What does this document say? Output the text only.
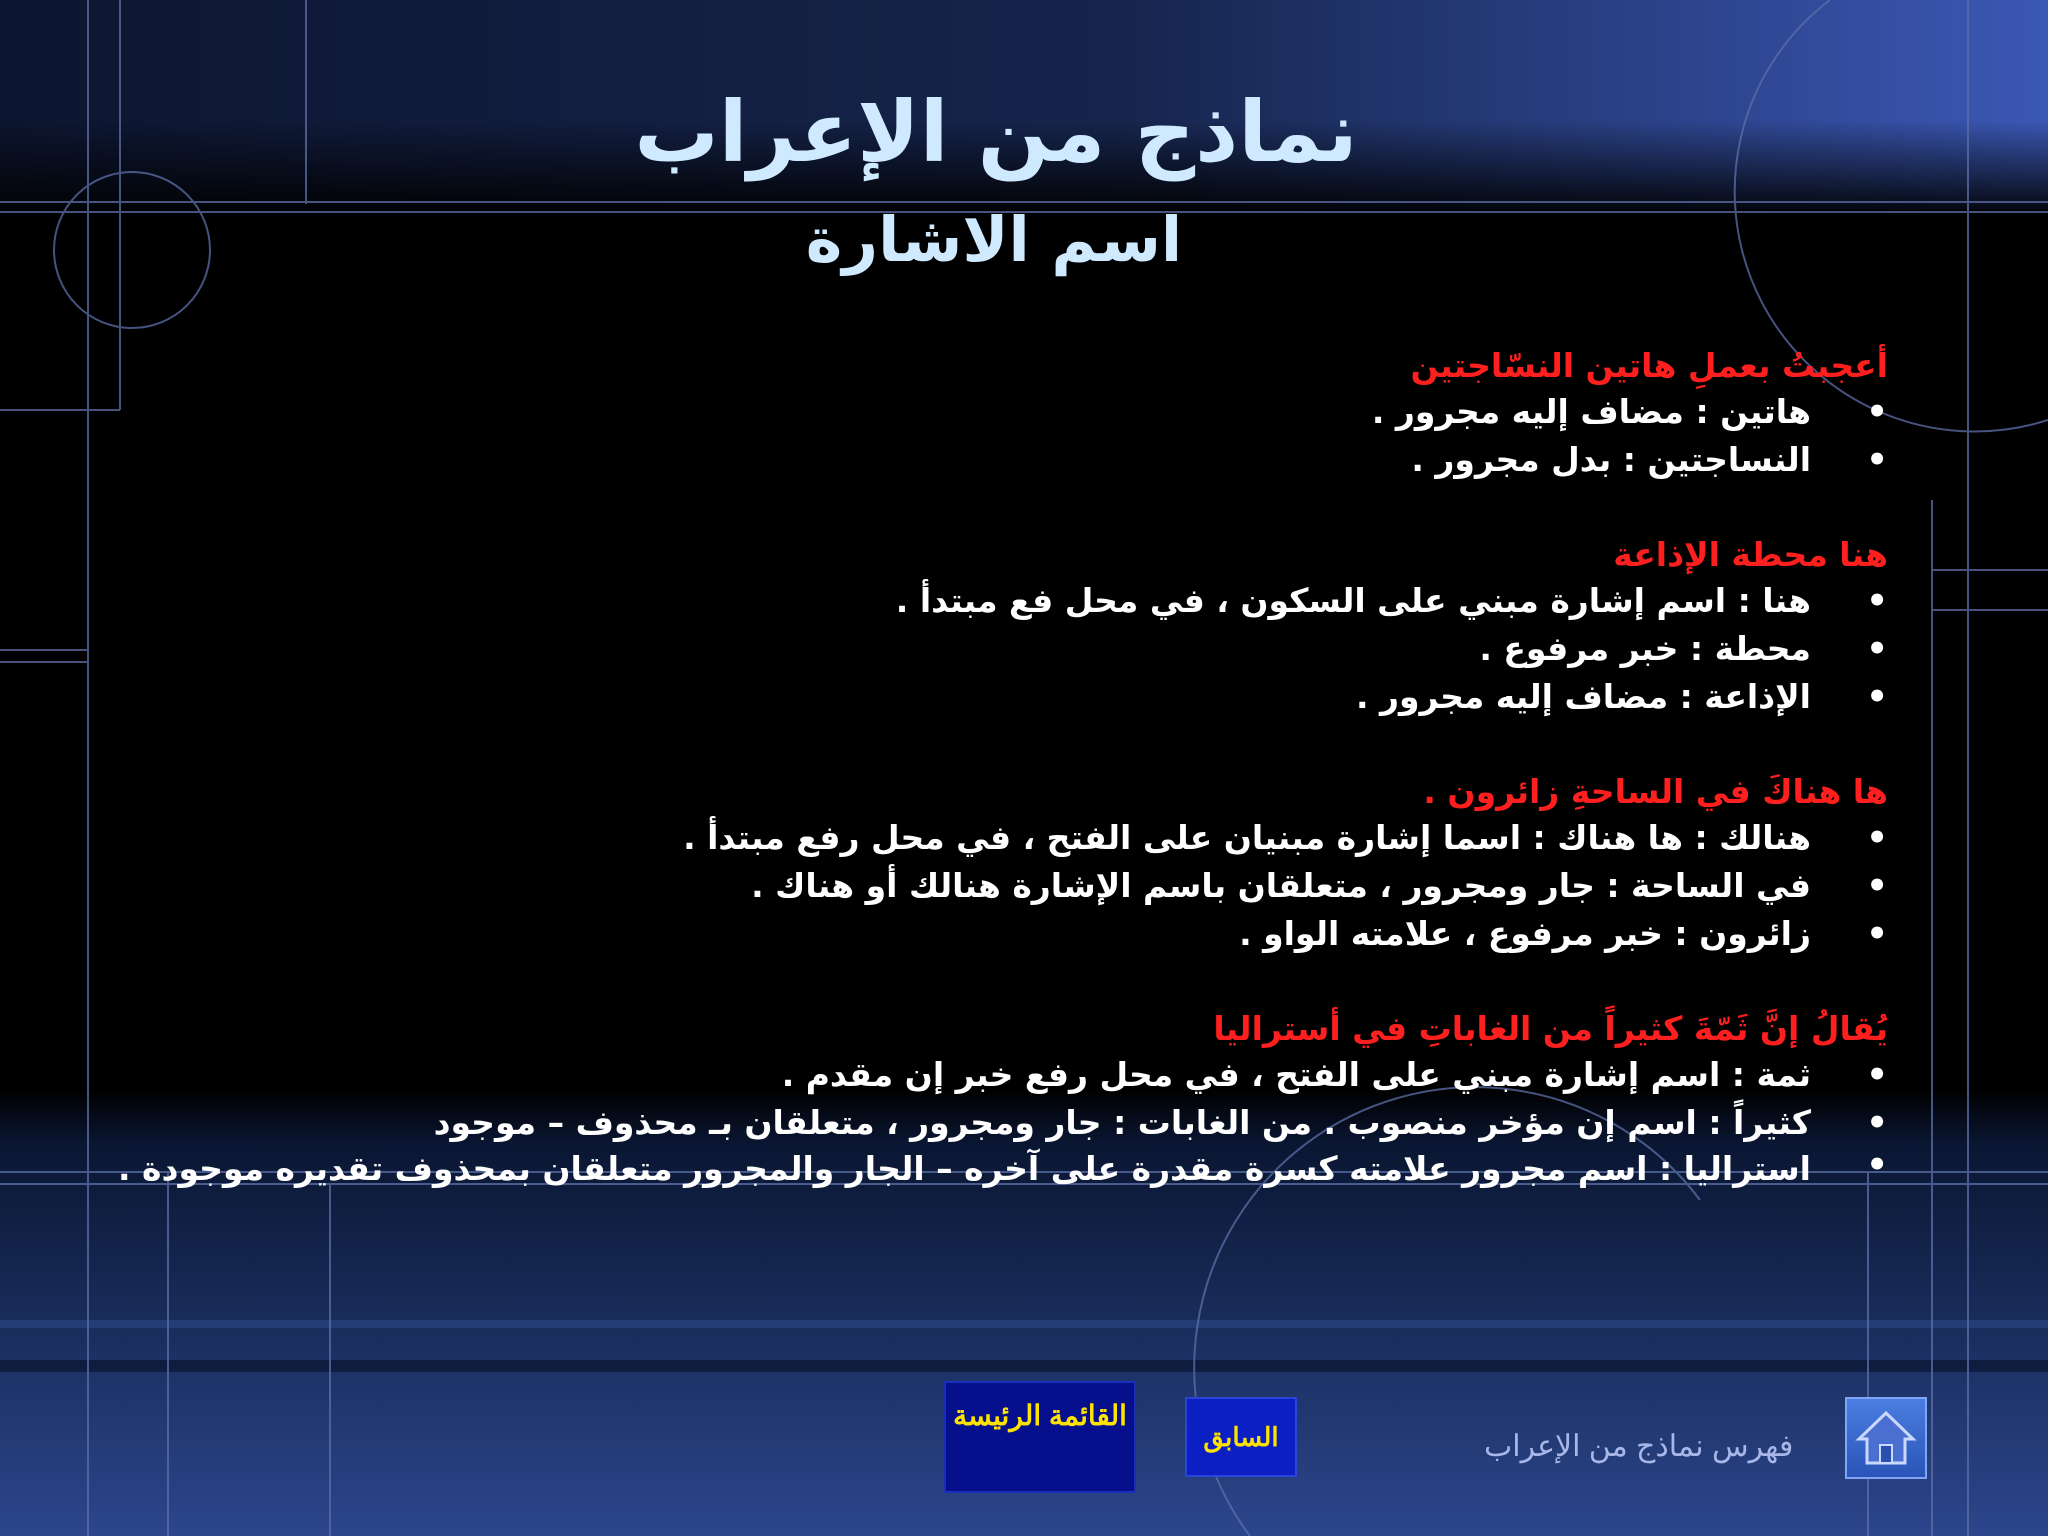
نماذج من الإعراب
اسم الاشارة
أعجبتُ بعملِ هاتين النسّاجتين
• هاتين : مضاف إليه مجرور .
• النساجتين : بدل مجرور .
هنا محطة الإذاعة
• هنا : اسم إشارة مبني على السكون ، في محل فع مبتدأ .
• محطة : خبر مرفوع .
• الإذاعة : مضاف إليه مجرور .
ها هناكَ في الساحةِ زائرون .
• هنالك : ها هناك : اسما إشارة مبنيان على الفتح ، في محل رفع مبتدأ .
• في الساحة : جار ومجرور ، متعلقان باسم الإشارة هنالك أو هناك .
• زائرون : خبر مرفوع ، علامته الواو .
يُقالُ إنَّ ثَمّةَ كثيراً من الغاباتِ في أستراليا
• ثمة : اسم إشارة مبني على الفتح ، في محل رفع خبر إن مقدم .
• كثيراً : اسم إن مؤخر منصوب . من الغابات : جار ومجرور ، متعلقان بـ محذوف – موجود
• استراليا : اسم مجرور علامته كسرة مقدرة على آخره – الجار والمجرور متعلقان بمحذوف تقديره موجودة .
القائمة الرئيسة
السابق	فهرس نماذج من الإعراب
